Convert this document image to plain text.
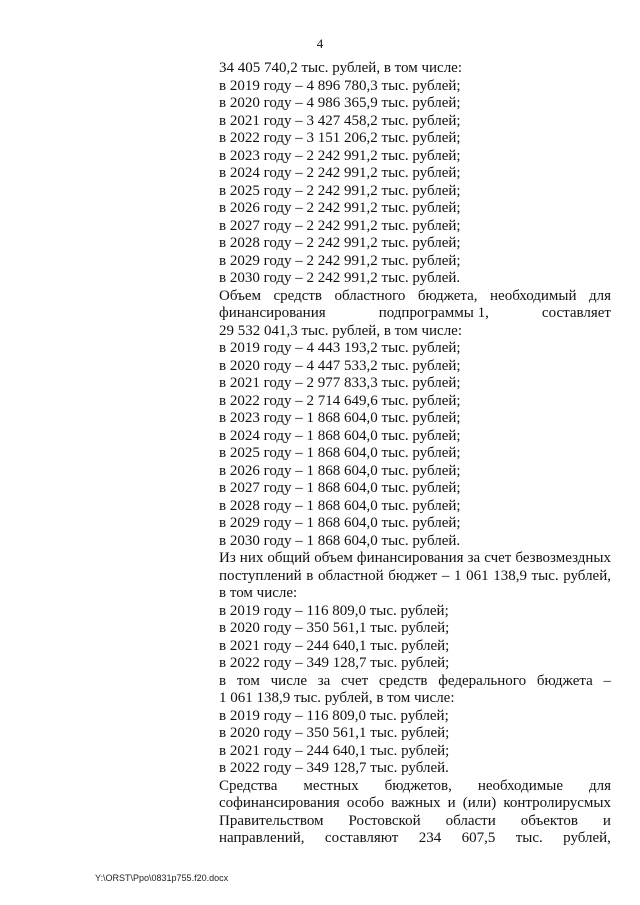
4
34 405 740,2 тыс. рублей, в том числе:
в 2019 году – 4 896 780,3 тыс. рублей;
в 2020 году – 4 986 365,9 тыс. рублей;
в 2021 году – 3 427 458,2 тыс. рублей;
в 2022 году – 3 151 206,2 тыс. рублей;
в 2023 году – 2 242 991,2 тыс. рублей;
в 2024 году – 2 242 991,2 тыс. рублей;
в 2025 году – 2 242 991,2 тыс. рублей;
в 2026 году – 2 242 991,2 тыс. рублей;
в 2027 году – 2 242 991,2 тыс. рублей;
в 2028 году – 2 242 991,2 тыс. рублей;
в 2029 году – 2 242 991,2 тыс. рублей;
в 2030 году – 2 242 991,2 тыс. рублей.
Объем средств областного бюджета, необходимый для
финансирования	подпрограммы 1,	составляет
29 532 041,3 тыс. рублей, в том числе:
в 2019 году – 4 443 193,2 тыс. рублей;
в 2020 году – 4 447 533,2 тыс. рублей;
в 2021 году – 2 977 833,3 тыс. рублей;
в 2022 году – 2 714 649,6 тыс. рублей;
в 2023 году – 1 868 604,0 тыс. рублей;
в 2024 году – 1 868 604,0 тыс. рублей;
в 2025 году – 1 868 604,0 тыс. рублей;
в 2026 году – 1 868 604,0 тыс. рублей;
в 2027 году – 1 868 604,0 тыс. рублей;
в 2028 году – 1 868 604,0 тыс. рублей;
в 2029 году – 1 868 604,0 тыс. рублей;
в 2030 году – 1 868 604,0 тыс. рублей.
Из них общий объем финансирования за счет безвозмездных
поступлений в областной бюджет – 1 061 138,9 тыс. рублей,
в том числе:
в 2019 году – 116 809,0 тыс. рублей;
в 2020 году – 350 561,1 тыс. рублей;
в 2021 году – 244 640,1 тыс. рублей;
в 2022 году – 349 128,7 тыс. рублей;
в том числе за счет средств федерального бюджета –
1 061 138,9 тыс. рублей, в том числе:
в 2019 году – 116 809,0 тыс. рублей;
в 2020 году – 350 561,1 тыс. рублей;
в 2021 году – 244 640,1 тыс. рублей;
в 2022 году – 349 128,7 тыс. рублей.
Средства местных бюджетов, необходимые для
софинансирования особо важных и (или) контролирусмых
Правительством Ростовской области объектов и
направлений, составляют 234 607,5 тыс. рублей,
Y:\ORST\Ppo\0831p755.f20.docx
